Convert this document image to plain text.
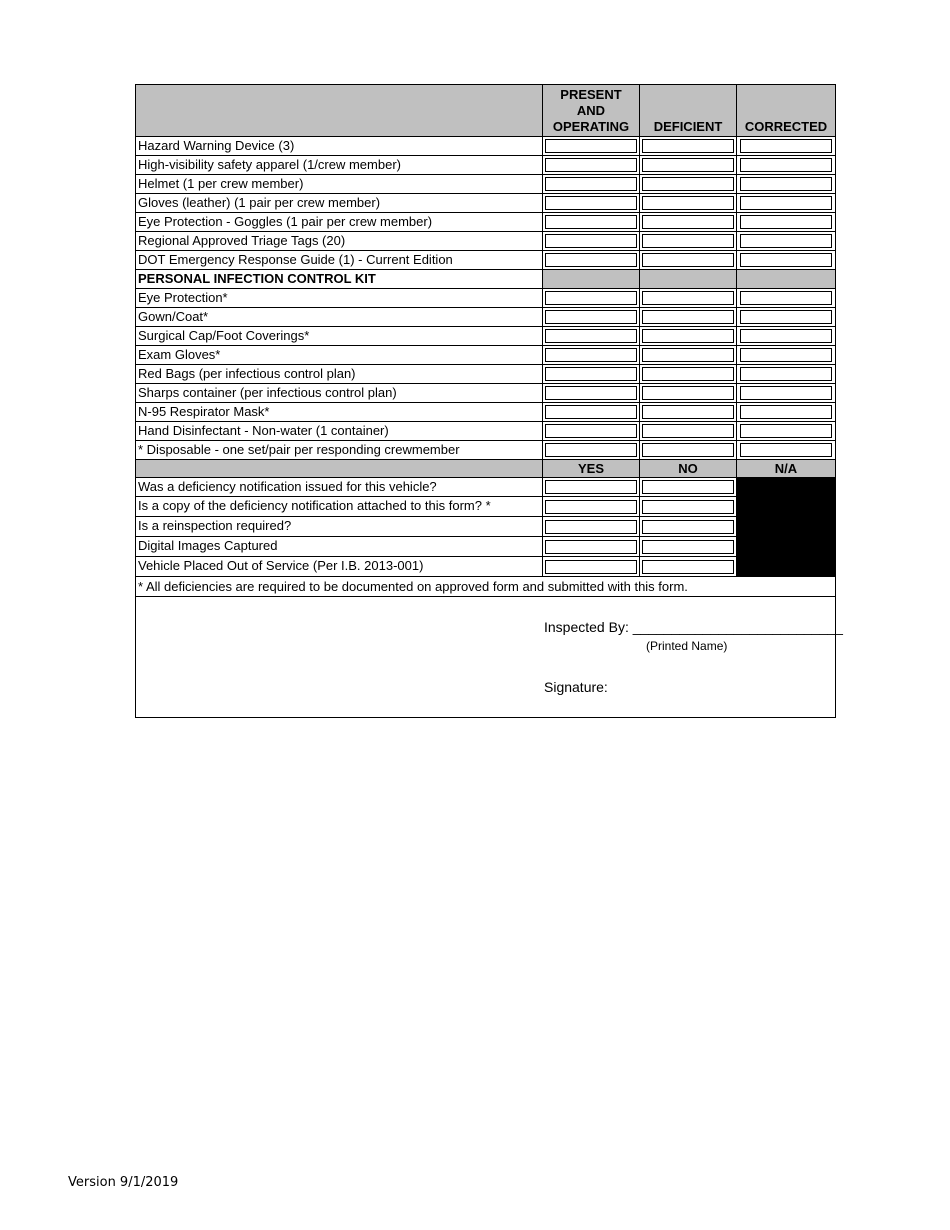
PRESENT
AND
OPERATING DEFICIENT CORRECTED
Hazard Warning Device (3)
High-visibility safety apparel (1/crew member)
Helmet (1 per crew member)
Gloves (leather) (1 pair per crew member)
Eye Protection - Goggles (1 pair per crew member)
Regional Approved Triage Tags (20)
DOT Emergency Response Guide (1) - Current Edition
PERSONAL INFECTION CONTROL KIT
Eye Protection*
Gown/Coat*
Surgical Cap/Foot Coverings*
Exam Gloves*
Red Bags (per infectious control plan)
Sharps container (per infectious control plan)
N-95 Respirator Mask*
Hand Disinfectant - Non-water (1 container)
* Disposable - one set/pair per responding crewmember
YES	NO	N/A
Was a deficiency notification issued for this vehicle?
Is a copy of the deficiency notification attached to this form? *
Is a reinspection required?
Digital Images Captured
Vehicle Placed Out of Service (Per I.B. 2013-001)
* All deficiencies are required to be documented on approved form and submitted with this form.
Inspected By: ___________________________
(Printed Name)
Signature:
Version 9/1/2019
